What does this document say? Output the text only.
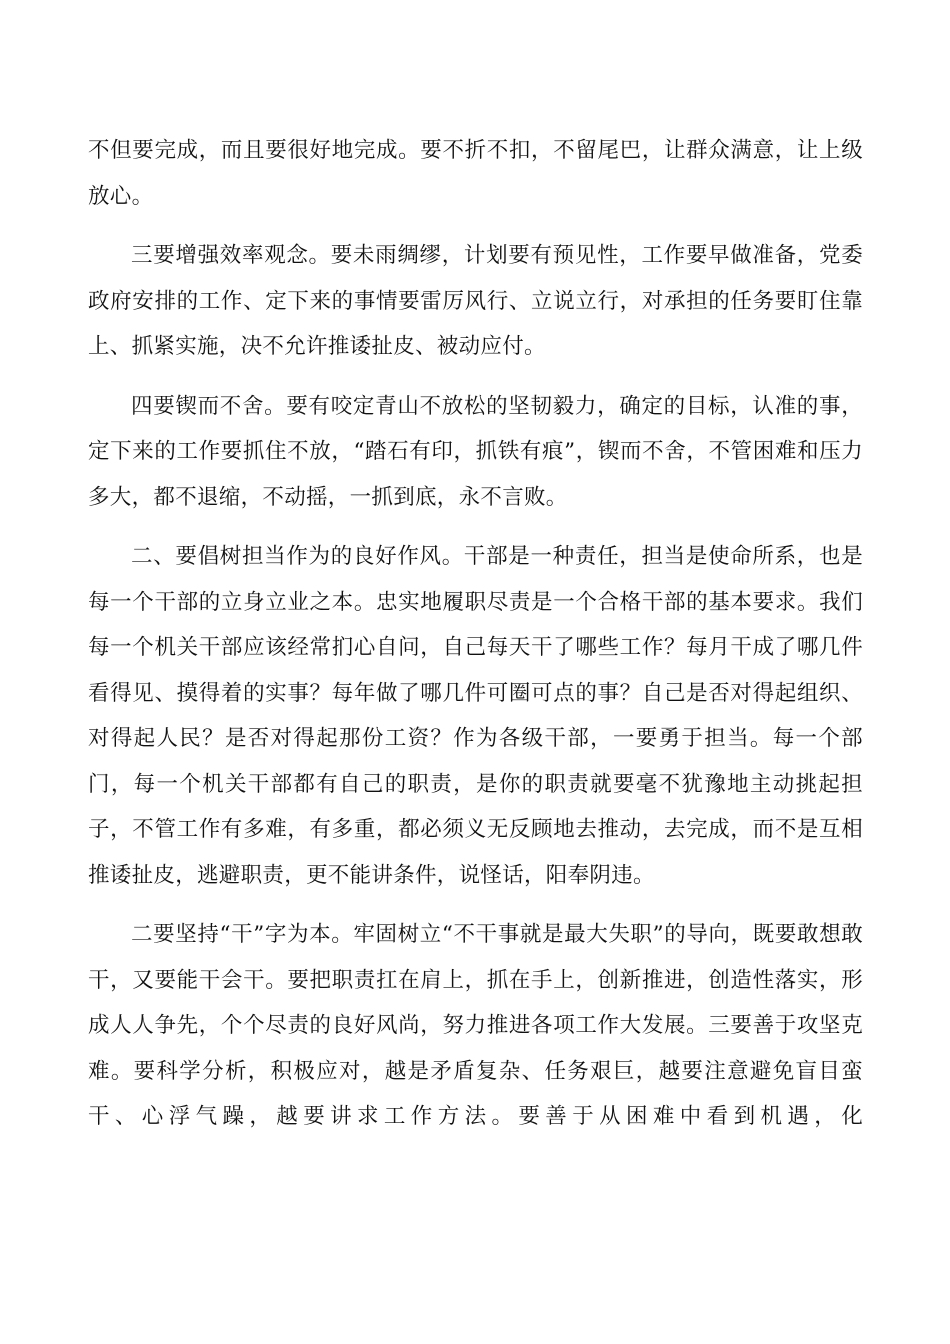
不但要完成，而且要很好地完成。要不折不扣，不留尾巴，让群众满意，让上级放心。

三要增强效率观念。要未雨绸缪，计划要有预见性，工作要早做准备，党委政府安排的工作、定下来的事情要雷厉风行、立说立行，对承担的任务要盯住靠上、抓紧实施，决不允许推诿扯皮、被动应付。

四要锲而不舍。要有咬定青山不放松的坚韧毅力，确定的目标，认准的事，定下来的工作要抓住不放，“踏石有印，抓铁有痕”，锲而不舍，不管困难和压力多大，都不退缩，不动摇，一抓到底，永不言败。

二、要倡树担当作为的良好作风。干部是一种责任，担当是使命所系，也是每一个干部的立身立业之本。忠实地履职尽责是一个合格干部的基本要求。我们每一个机关干部应该经常扪心自问，自己每天干了哪些工作？每月干成了哪几件看得见、摸得着的实事？每年做了哪几件可圈可点的事？自己是否对得起组织、对得起人民？是否对得起那份工资？作为各级干部，一要勇于担当。每一个部门，每一个机关干部都有自己的职责，是你的职责就要毫不犹豫地主动挑起担子，不管工作有多难，有多重，都必须义无反顾地去推动，去完成，而不是互相推诿扯皮，逃避职责，更不能讲条件，说怪话，阳奉阴违。

二要坚持“干”字为本。牢固树立“不干事就是最大失职”的导向，既要敢想敢干，又要能干会干。要把职责扛在肩上，抓在手上，创新推进，创造性落实，形成人人争先，个个尽责的良好风尚，努力推进各项工作大发展。三要善于攻坚克难。要科学分析，积极应对，越是矛盾复杂、任务艰巨，越要注意避免盲目蛮干、心浮气躁，越要讲求工作方法。要善于从困难中看到机遇，化
